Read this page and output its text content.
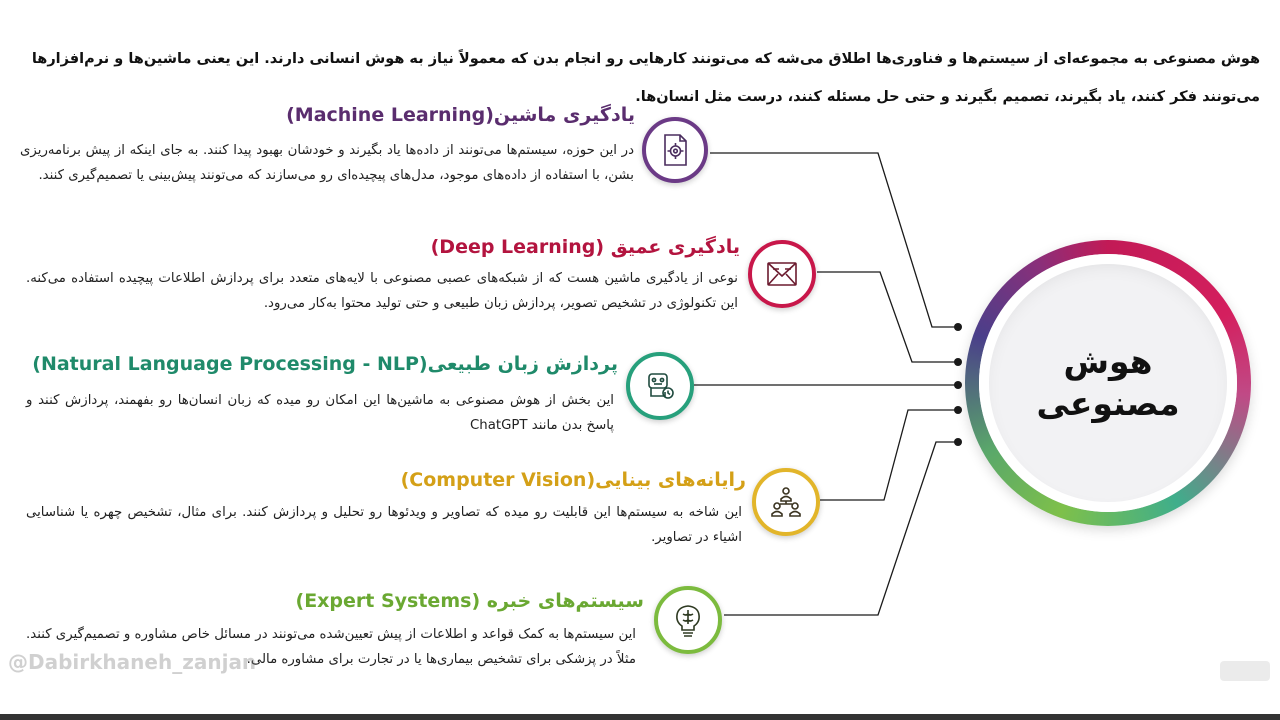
هوش مصنوعی به مجموعه‌ای از سیستم‌ها و فناوری‌ها اطلاق می‌شه که می‌تونند کارهایی رو انجام بدن که معمولاً نیاز به هوش انسانی دارند. این یعنی ماشین‌ها و نرم‌افزارها می‌تونند فکر کنند، یاد بگیرند، تصمیم بگیرند و حتی حل مسئله کنند، درست مثل انسان‌ها.
هوش
مصنوعی
یادگیری ماشین(Machine Learning)
در این حوزه، سیستم‌ها می‌تونند از داده‌ها یاد بگیرند و خودشان بهبود پیدا کنند. به جای اینکه از پیش برنامه‌ریزی بشن، با استفاده از داده‌های موجود، مدل‌های پیچیده‌ای رو می‌سازند که می‌تونند پیش‌بینی یا تصمیم‌گیری کنند.
یادگیری عمیق (Deep Learning)
نوعی از یادگیری ماشین هست که از شبکه‌های عصبی مصنوعی با لایه‌های متعدد برای پردازش اطلاعات پیچیده استفاده می‌کنه. این تکنولوژی در تشخیص تصویر، پردازش زبان طبیعی و حتی تولید محتوا به‌کار می‌رود.
پردازش زبان طبیعی(Natural Language Processing - NLP)
این بخش از هوش مصنوعی به ماشین‌ها این امکان رو میده که زبان انسان‌ها رو بفهمند، پردازش کنند و پاسخ بدن مانند ChatGPT
رایانه‌های بینایی(Computer Vision)
این شاخه به سیستم‌ها این قابلیت رو میده که تصاویر و ویدئوها رو تحلیل و پردازش کنند. برای مثال، تشخیص چهره یا شناسایی اشیاء در تصاویر.
سیستم‌های خبره (Expert Systems)
این سیستم‌ها به کمک قواعد و اطلاعات از پیش تعیین‌شده می‌تونند در مسائل خاص مشاوره و تصمیم‌گیری کنند. مثلاً در پزشکی برای تشخیص بیماری‌ها یا در تجارت برای مشاوره مالی.
@Dabirkhaneh_zanjan
